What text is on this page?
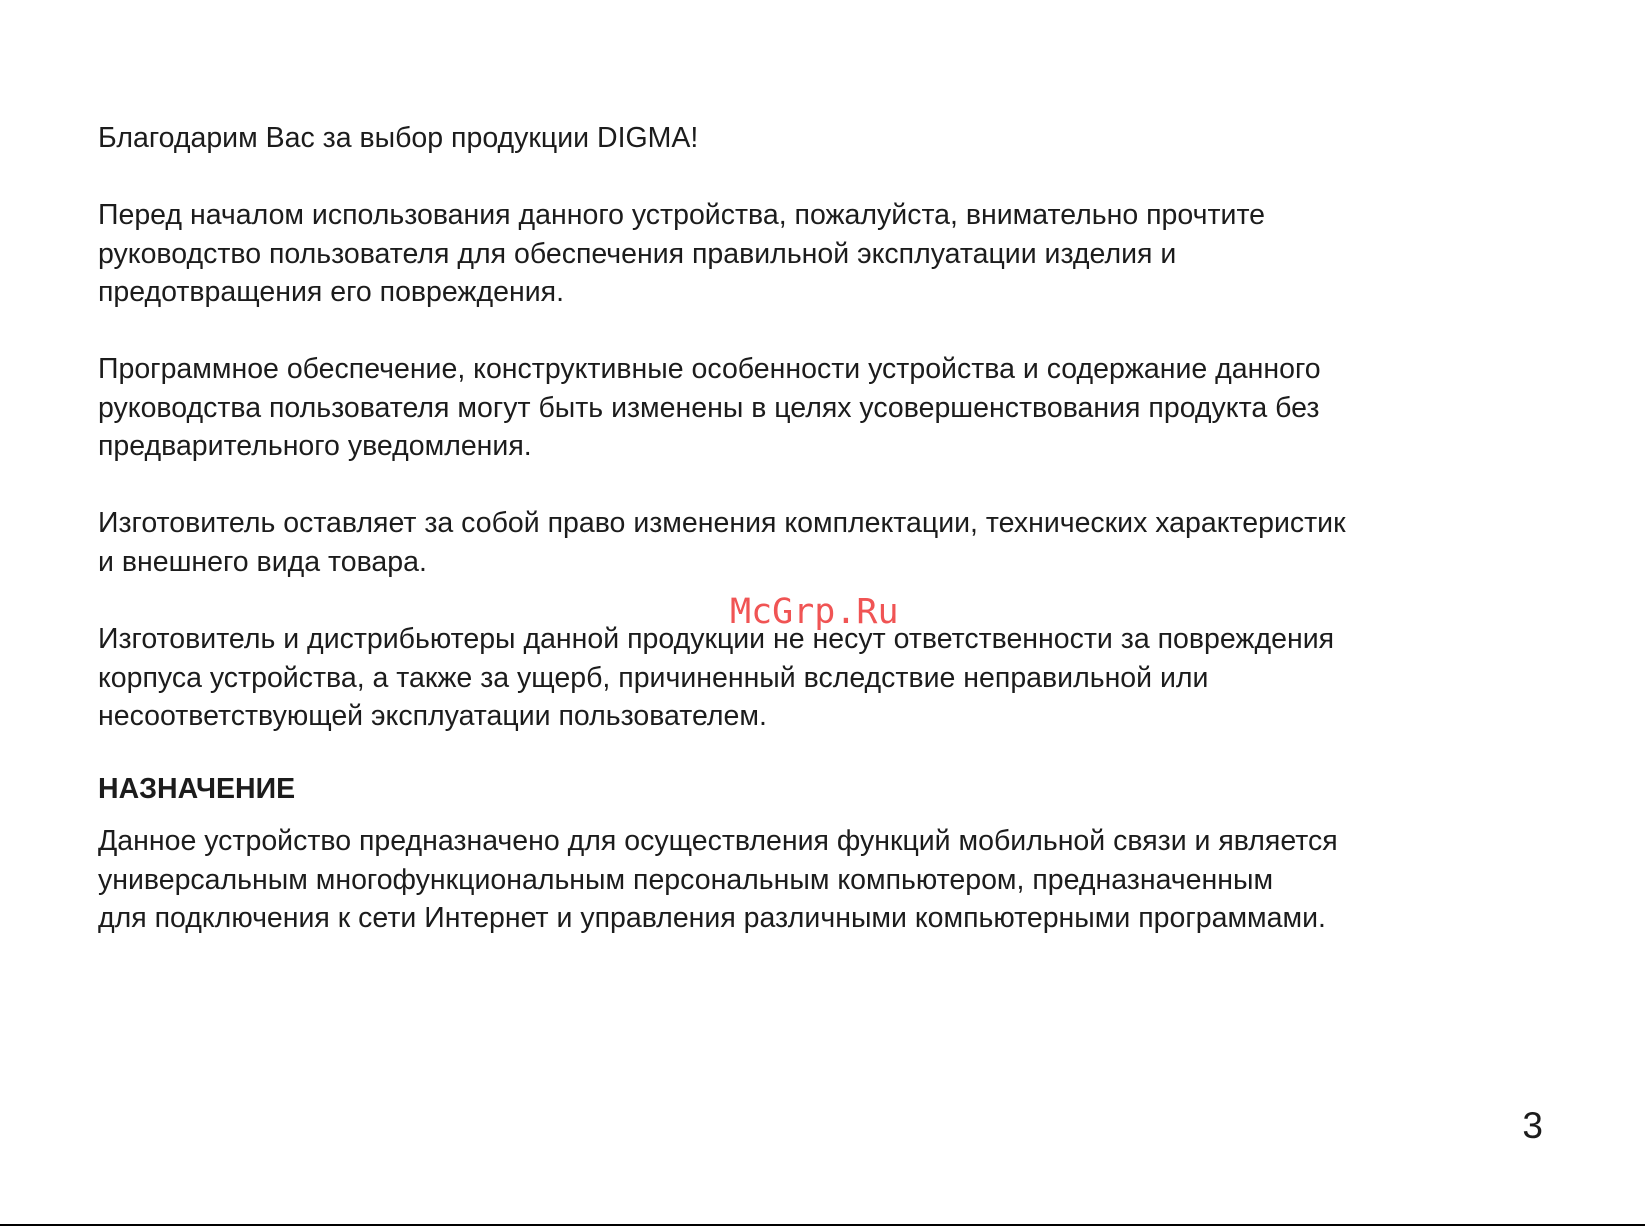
Благодарим Вас за выбор продукции DIGMA!

Перед началом использования данного устройства, пожалуйста, внимательно прочтите
руководство пользователя для обеспечения правильной эксплуатации изделия и
предотвращения его повреждения.

Программное обеспечение, конструктивные особенности устройства и содержание данного
руководства пользователя могут быть изменены в целях усовершенствования продукта без
предварительного уведомления.

Изготовитель оставляет за собой право изменения комплектации, технических характеристик
и внешнего вида товара.

Изготовитель и дистрибьютеры данной продукции не несут ответственности за повреждения
корпуса устройства, а также за ущерб, причиненный вследствие неправильной или
несоответствующей эксплуатации пользователем.

НАЗНАЧЕНИЕ

Данное устройство предназначено для осуществления функций мобильной связи и является
универсальным многофункциональным персональным компьютером, предназначенным
для подключения к сети Интернет и управления различными компьютерными программами.

McGrp.Ru
3
